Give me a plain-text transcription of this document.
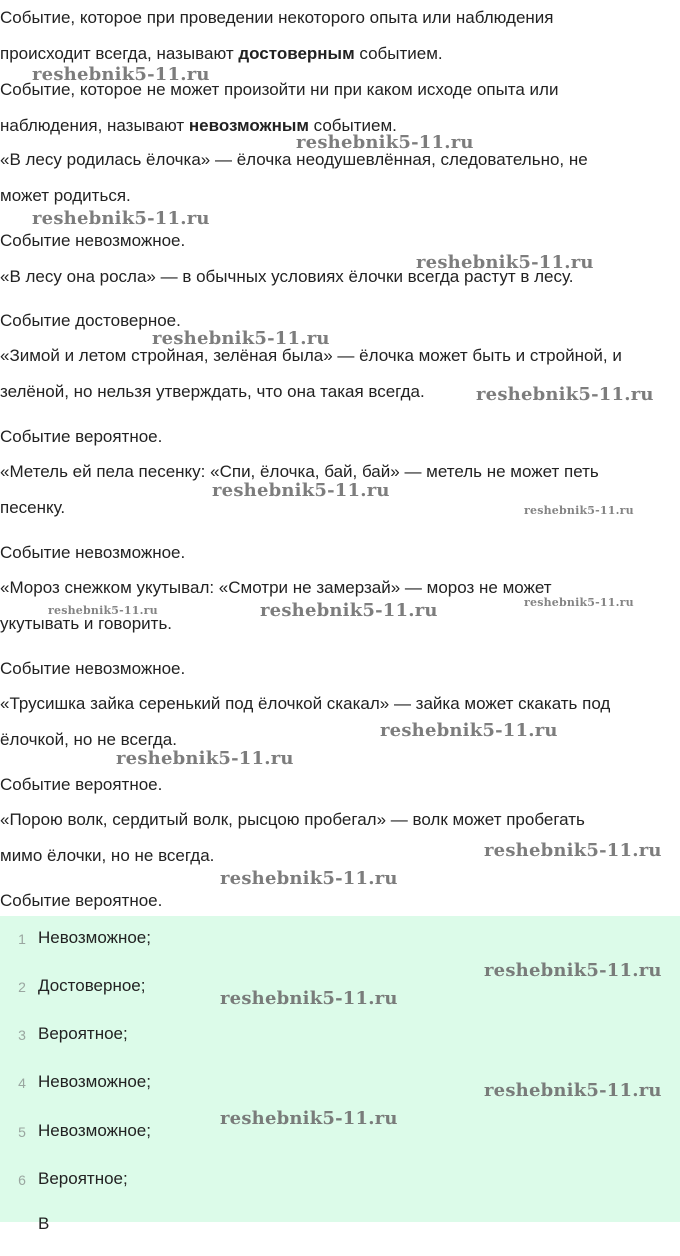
Событие, которое при проведении некоторого опыта или наблюдения
происходит всегда, называют достоверным событием.
Событие, которое не может произойти ни при каком исходе опыта или
наблюдения, называют невозможным событием.
«В лесу родилась ёлочка» — ёлочка неодушевлённая, следовательно, не
может родиться.
Событие невозможное.
«В лесу она росла» — в обычных условиях ёлочки всегда растут в лесу.
Событие достоверное.
«Зимой и летом стройная, зелёная была» — ёлочка может быть и стройной, и
зелёной, но нельзя утверждать, что она такая всегда.
Событие вероятное.
«Метель ей пела песенку: «Спи, ёлочка, бай, бай» — метель не может петь
песенку.
Событие невозможное.
«Мороз снежком укутывал: «Смотри не замерзай» — мороз не может
укутывать и говорить.
Событие невозможное.
«Трусишка зайка серенький под ёлочкой скакал» — зайка может скакать под
ёлочкой, но не всегда.
Событие вероятное.
«Порою волк, сердитый волк, рысцою пробегал» — волк может пробегать
мимо ёлочки, но не всегда.
Событие вероятное.
1 Невозможное;
2 Достоверное;
3 Вероятное;
4 Невозможное;
5 Невозможное;
6 Вероятное;
В
reshebnik5-11.ru
reshebnik5-11.ru
reshebnik5-11.ru
reshebnik5-11.ru
reshebnik5-11.ru
reshebnik5-11.ru
reshebnik5-11.ru
reshebnik5-11.ru
reshebnik5-11.ru	reshebnik5-11.ru	reshebnik5-11.ru
reshebnik5-11.ru
reshebnik5-11.ru
reshebnik5-11.ru
reshebnik5-11.ru
reshebnik5-11.ru
reshebnik5-11.ru
reshebnik5-11.ru
reshebnik5-11.ru
